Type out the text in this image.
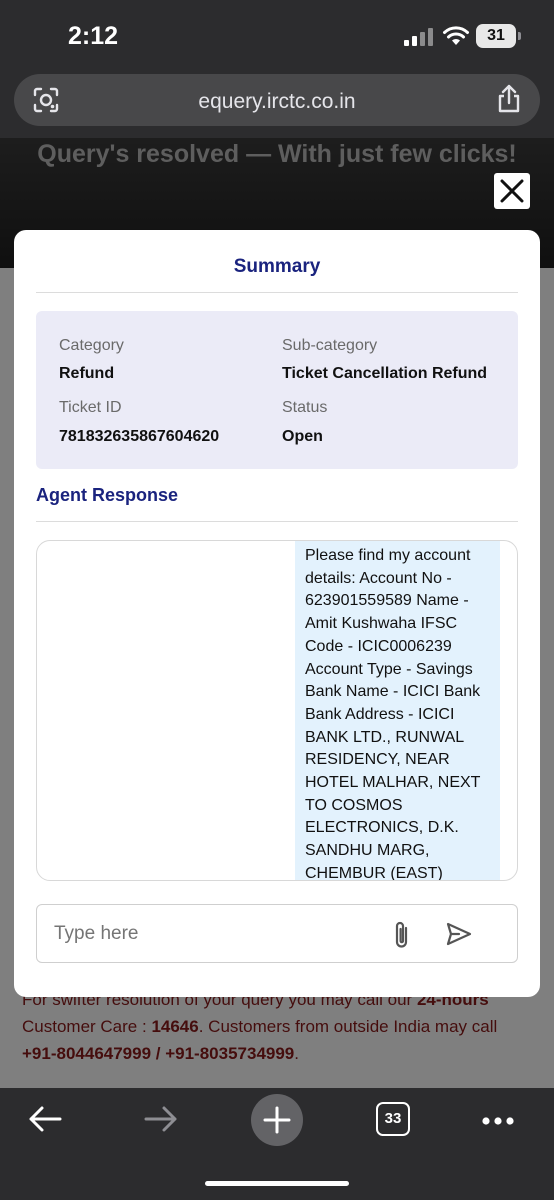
2:12	31
equery.irctc.co.in

Summary
Category
Refund
Sub-category
Ticket Cancellation Refund
Ticket ID
781832635867604620
Status
Open
Agent Response
Please find my account details: Account No - 623901559589 Name - Amit Kushwaha IFSC Code - ICIC0006239 Account Type - Savings Bank Name - ICICI Bank Bank Address - ICICI BANK LTD., RUNWAL RESIDENCY, NEAR HOTEL MALHAR, NEXT TO COSMOS ELECTRONICS, D.K. SANDHU MARG, CHEMBUR (EAST)
Type here
33
